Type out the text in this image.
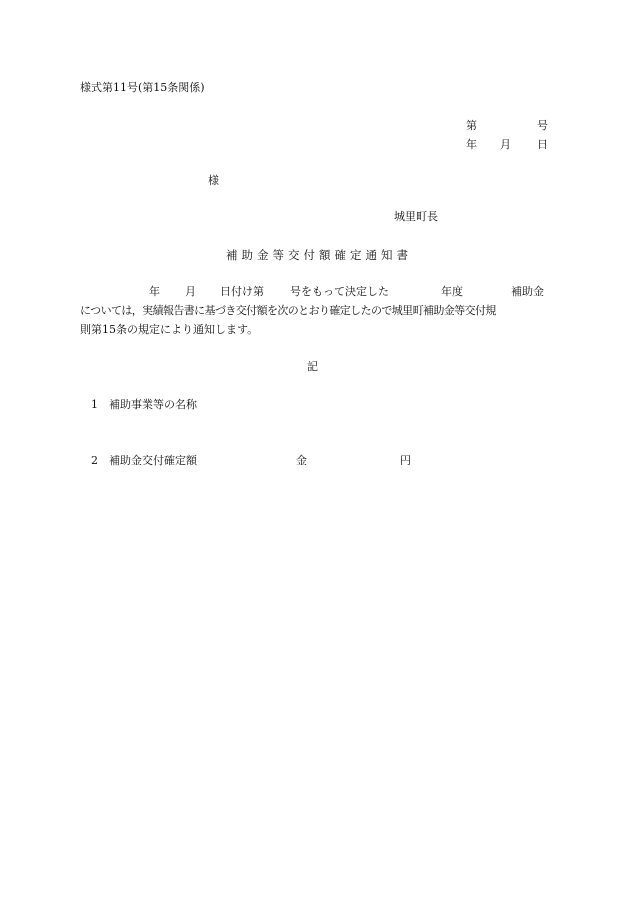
様式第11号(第15条関係)
第	号
年 月 日
様
城里町長
補助金等交付額確定通知書
年 月 日付け第 号をもって決定した	年度	補助金
については，実績報告書に基づき交付額を次のとおり確定したので城里町補助金等交付規
則第15条の規定により通知します。
記
1 補助事業等の名称
2 補助金交付確定額	金	円
